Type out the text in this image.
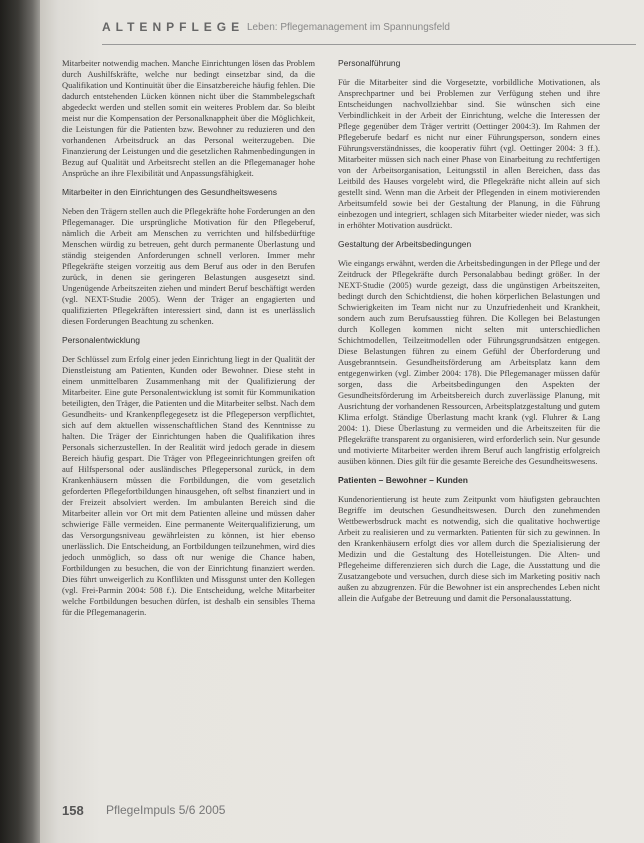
ALTENPFLEGE Leben: Pflegemanagement im Spannungsfeld

Mitarbeiter notwendig machen. Manche Einrichtungen lösen das Problem durch Aushilfskräfte, welche nur bedingt einsetzbar sind, da die Qualifikation und Kontinuität über die Einsatzbereiche häufig fehlen. Die dadurch entstehenden Lücken können nicht über die Stammbelegschaft abgedeckt werden und stellen somit ein weiteres Problem dar. So bleibt meist nur die Kompensation der Personalknappheit über die Möglichkeit, die Leistungen für die Patienten bzw. Bewohner zu reduzieren und den vorhandenen Arbeitsdruck an das Personal weiterzugeben. Die Finanzierung der Leistungen und die gesetzlichen Rahmenbedingungen in Bezug auf Qualität und Arbeitsrecht stellen an die Pflegemanager hohe Ansprüche an ihre Flexibilität und Anpassungsfähigkeit.

Mitarbeiter in den Einrichtungen des Gesundheitswesens

Neben den Trägern stellen auch die Pflegekräfte hohe Forderungen an den Pflegemanager. Die ursprüngliche Motivation für den Pflegeberuf, nämlich die Arbeit am Menschen zu verrichten und hilfsbedürftige Menschen würdig zu betreuen, geht durch permanente Überlastung und ständig steigenden Anforderungen schnell verloren. Immer mehr Pflegekräfte steigen vorzeitig aus dem Beruf aus oder in den Berufen zurück, in denen sie geringeren Belastungen ausgesetzt sind. Ungenügende Arbeitszeiten ziehen und mindert Beruf beschäftigt werden (vgl. NEXT-Studie 2005). Wenn der Träger an engagierten und qualifizierten Pflegekräften interessiert sind, dann ist es unerlässlich diesen Forderungen Beachtung zu schenken.

Personalentwicklung

Der Schlüssel zum Erfolg einer jeden Einrichtung liegt in der Qualität der Dienstleistung am Patienten, Kunden oder Bewohner. Diese steht in einem unmittelbaren Zusammenhang mit der Qualifizierung der Mitarbeiter. Eine gute Personalentwicklung ist somit für Kommunikation beteiligten, den Träger, die Patienten und die Mitarbeiter selbst. Nach dem Gesundheits- und Krankenpflegegesetz ist die Pflegeperson verpflichtet, sich auf dem aktuellen wissenschaftlichen Stand des Kenntnisse zu halten. Die Träger der Einrichtungen haben die Qualifikation ihres Personals sicherzustellen. In der Realität wird jedoch gerade in diesem Bereich häufig gespart. Die Träger von Pflegeeinrichtungen greifen oft auf Hilfspersonal oder ausländisches Pflegepersonal zurück, in dem Krankenhäusern müssen die Fortbildungen, die vom gesetzlich geforderten Pflegefortbildungen hinausgehen, oft selbst finanziert und in der Freizeit absolviert werden. Im ambulanten Bereich sind die Mitarbeiter allein vor Ort mit dem Patienten alleine und müssen daher schwierige Fälle vermeiden. Eine permanente Weiterqualifizierung, um das Versorgungsniveau gewährleisten zu können, ist hier ebenso unerlässlich. Die Entscheidung, an Fortbildungen teilzunehmen, wird dies jedoch unmöglich, so dass oft nur wenige die Chance haben, Fortbildungen zu besuchen, die von der Einrichtung finanziert werden. Dies führt unweigerlich zu Konflikten und Missgunst unter den Kollegen (vgl. Frei-Parmin 2004: 508 f.). Die Entscheidung, welche Mitarbeiter welche Fortbildungen besuchen dürfen, ist deshalb ein sensibles Thema für die Pflegemanagerin.

Personalführung

Für die Mitarbeiter sind die Vorgesetzte, vorbildliche Motivationen, als Ansprechpartner und bei Problemen zur Verfügung stehen und ihre Entscheidungen nachvollziehbar sind. Sie wünschen sich eine Verbindlichkeit in der Arbeit der Einrichtung, welche die Interessen der Pflege gegenüber dem Träger vertritt (Oettinger 2004:3). Im Rahmen der Pflegeberufe bedarf es nicht nur einer Führungsperson, sondern eines Führungsverständnisses, die kooperativ führt (vgl. Oettinger 2004: 3 ff.). Mitarbeiter müssen sich nach einer Phase von Einarbeitung zu rechtfertigen von der Arbeitsorganisation, Leitungsstil in allen Bereichen, dass das Leitbild des Hauses vorgelebt wird, die Pflegekräfte nicht allein auf sich gestellt sind. Wenn man die Arbeit der Pflegenden in einem motivierenden Arbeitsumfeld sowie bei der Gestaltung der Planung, in die Führung einbezogen und integriert, schlagen sich Mitarbeiter wieder nieder, was sich in erhöhter Motivation ausdrückt.

Gestaltung der Arbeitsbedingungen

Wie eingangs erwähnt, werden die Arbeitsbedingungen in der Pflege und der Zeitdruck der Pflegekräfte durch Personalabbau bedingt größer. In der NEXT-Studie (2005) wurde gezeigt, dass die ungünstigen Arbeitszeiten, bedingt durch den Schichtdienst, die hohen körperlichen Belastungen und Schwierigkeiten im Team nicht nur zu Unzufriedenheit und Krankheit, sondern auch zum Berufsausstieg führen. Die Kollegen bei Belastungen durch Kollegen kommen nicht selten mit unterschiedlichen Schichtmodellen, Teilzeitmodellen oder Führungsgrundsätzen entgegen. Diese Belastungen führen zu einem Gefühl der Überforderung und Ausgebranntsein. Gesundheitsförderung am Arbeitsplatz kann dem entgegenwirken (vgl. Zimber 2004: 178). Die Pflegemanager müssen dafür sorgen, dass die Arbeitsbedingungen den Aspekten der Gesundheitsförderung im Arbeitsbereich durch zuverlässige Planung, mit Ausrichtung der vorhandenen Ressourcen, Arbeitsplatzgestaltung und gutem Klima erfolgt. Ständige Überlastung macht krank (vgl. Fluhrer & Lang 2004: 1). Diese Überlastung zu vermeiden und die Arbeitszeiten für die Pflegekräfte transparent zu organisieren, wird erforderlich sein. Nur gesunde und motivierte Mitarbeiter werden ihrem Beruf auch langfristig erfolgreich ausüben können. Dies gilt für die gesamte Bereiche des Gesundheitswesens.

Patienten – Bewohner – Kunden

Kundenorientierung ist heute zum Zeitpunkt vom häufigsten gebrauchten Begriffe im deutschen Gesundheitswesen. Durch den zunehmenden Wettbewerbsdruck macht es notwendig, sich die qualitative hochwertige Arbeit zu realisieren und zu vermarkten. Patienten für sich zu gewinnen. In den Krankenhäusern erfolgt dies vor allem durch die Spezialisierung der Medizin und die Gestaltung des Hotelleistungen. Die Alten- und Pflegeheime differenzieren sich durch die Lage, die Ausstattung und die Zusatzangebote und versuchen, durch diese sich im Marketing positiv nach außen zu abzugrenzen. Für die Bewohner ist ein ansprechendes Leben nicht allein die Aufgabe der Betreuung und damit die Personalausstattung.

158 PflegeImpuls 5/6 2005
